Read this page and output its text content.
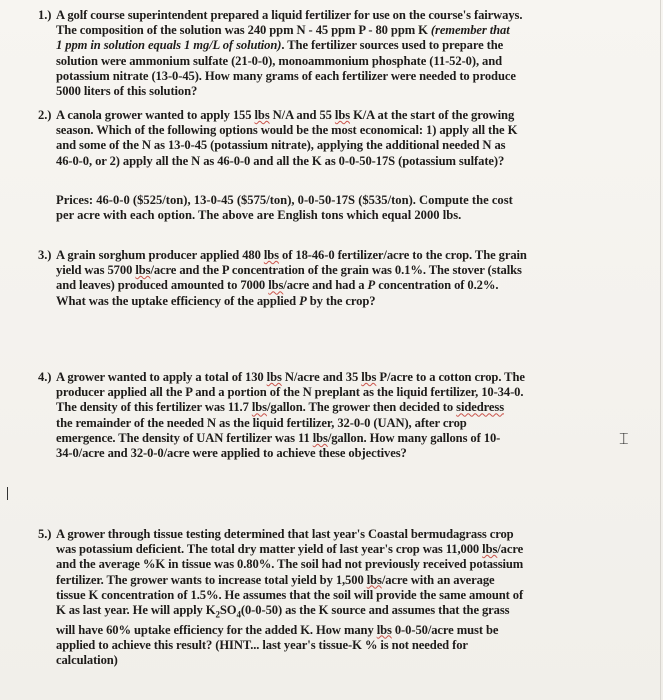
1.) A golf course superintendent prepared a liquid fertilizer for use on the course's fairways.
The composition of the solution was 240 ppm N - 45 ppm P - 80 ppm K (remember that
1 ppm in solution equals 1 mg/L of solution). The fertilizer sources used to prepare the
solution were ammonium sulfate (21-0-0), monoammonium phosphate (11-52-0), and
potassium nitrate (13-0-45). How many grams of each fertilizer were needed to produce
5000 liters of this solution?
2.) A canola grower wanted to apply 155 lbs N/A and 55 lbs K/A at the start of the growing
season. Which of the following options would be the most economical: 1) apply all the K
and some of the N as 13-0-45 (potassium nitrate), applying the additional needed N as
46-0-0, or 2) apply all the N as 46-0-0 and all the K as 0-0-50-17S (potassium sulfate)?
Prices: 46-0-0 ($525/ton), 13-0-45 ($575/ton), 0-0-50-17S ($535/ton). Compute the cost
per acre with each option. The above are English tons which equal 2000 lbs.
3.) A grain sorghum producer applied 480 lbs of 18-46-0 fertilizer/acre to the crop. The grain
yield was 5700 lbs/acre and the P concentration of the grain was 0.1%. The stover (stalks
and leaves) produced amounted to 7000 lbs/acre and had a P concentration of 0.2%.
What was the uptake efficiency of the applied P by the crop?
4.) A grower wanted to apply a total of 130 lbs N/acre and 35 lbs P/acre to a cotton crop. The
producer applied all the P and a portion of the N preplant as the liquid fertilizer, 10-34-0.
The density of this fertilizer was 11.7 lbs/gallon. The grower then decided to sidedress
the remainder of the needed N as the liquid fertilizer, 32-0-0 (UAN), after crop
emergence. The density of UAN fertilizer was 11 lbs/gallon. How many gallons of 10-
34-0/acre and 32-0-0/acre were applied to achieve these objectives?
5.) A grower through tissue testing determined that last year's Coastal bermudagrass crop
was potassium deficient. The total dry matter yield of last year's crop was 11,000 lbs/acre
and the average %K in tissue was 0.80%. The soil had not previously received potassium
fertilizer. The grower wants to increase total yield by 1,500 lbs/acre with an average
tissue K concentration of 1.5%. He assumes that the soil will provide the same amount of
K as last year. He will apply $K_2SO_4(0-0-50)$ as the K source and assumes that the grass
will have 60% uptake efficiency for the added K. How many lbs 0-0-50/acre must be
applied to achieve this result? (HINT... last year's tissue-K % is not needed for
calculation)
⌶
